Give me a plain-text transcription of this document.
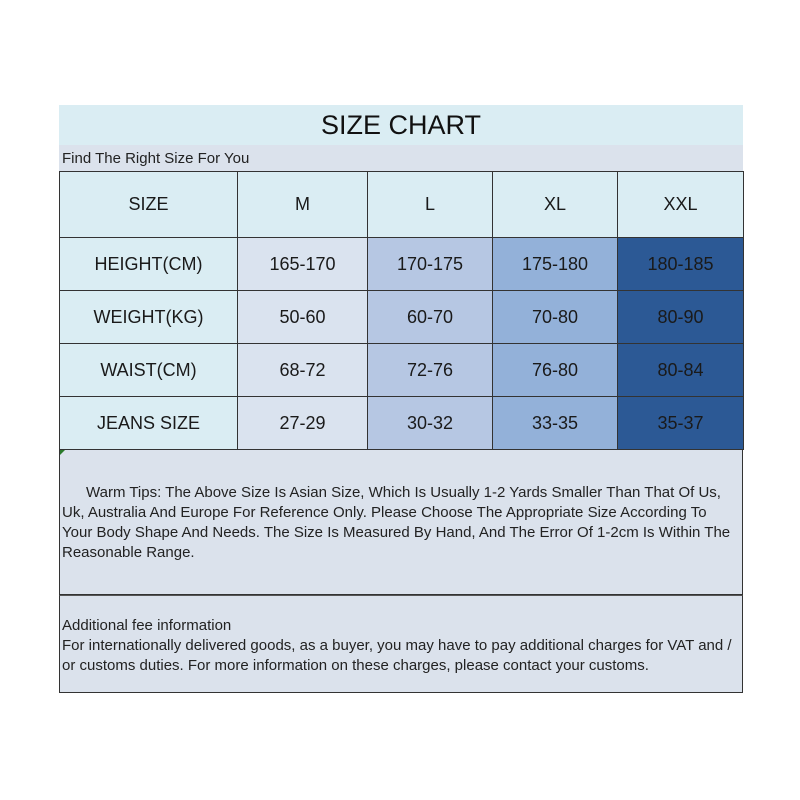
SIZE CHART
Find The Right Size For You
SIZE	M	L	XL	XXL
HEIGHT(CM)	165-170	170-175	175-180	180-185
WEIGHT(KG)	50-60	60-70	70-80	80-90
WAIST(CM)	68-72	72-76	76-80	80-84
JEANS SIZE	27-29	30-32	33-35	35-37
Warm Tips: The Above Size Is Asian Size, Which Is Usually 1-2 Yards Smaller Than That Of Us, Uk, Australia And Europe For Reference Only. Please Choose The Appropriate Size According To Your Body Shape And Needs. The Size Is Measured By Hand, And The Error Of 1-2cm Is Within The Reasonable Range.
Additional fee information
For internationally delivered goods, as a buyer, you may have to pay additional charges for VAT and / or customs duties. For more information on these charges, please contact your customs.
